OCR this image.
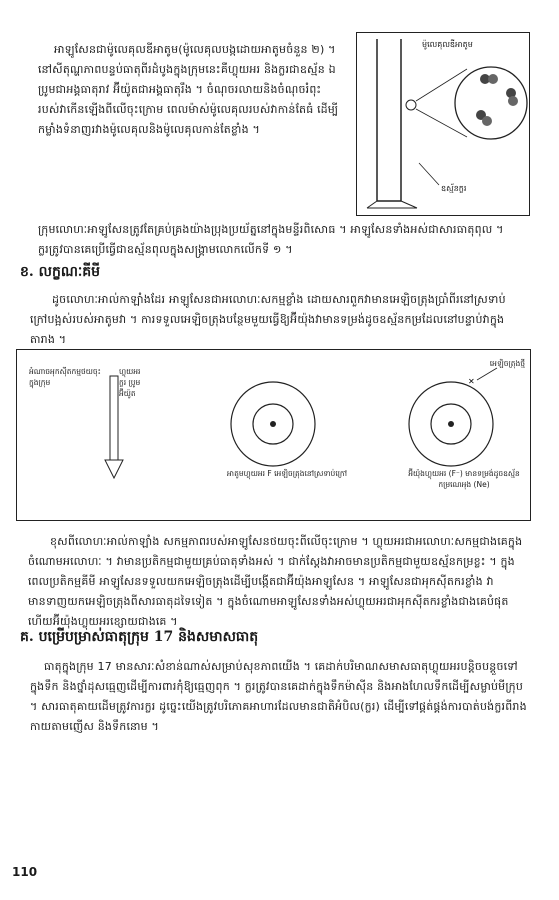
អាឡូសែនជាម៉ូលេគុលឌីអាតូម(ម៉ូលេគុលបង្កដោយអាតូមចំនួន ២) ។ នៅសីតុណ្ហភាពបន្ទប់ធាតុពីរដំបូងក្នុងក្រុមនេះគឺហ្លុយអរ និងក្លរជាឧស្ម័ន ឯប្រូមជាអង្គធាតុរាវ អ៊ីយ៉ូតជាអង្គធាតុរឹង ។ ចំណុចរលាយនិងចំណុចរំពុះរបស់វាកើនឡើងពីលើចុះក្រោម ពេលម៉ាស់ម៉ូលេគុលរបស់វាកាន់តែធំ ដើម្បីកម្លាំងទំនាញរវាងម៉ូលេគុលនិងម៉ូលេគុលកាន់តែខ្លាំង ។

ម៉ូលេគុលឌីអាតូម
ឧស្ម័នក្លរ

ក្រុមលោហៈអាឡូសែនត្រូវតែគ្រប់គ្រងយ៉ាងប្រុងប្រយ័ត្ននៅក្នុងមន្ទីរពិសោធ ។ អាឡូសែនទាំងអស់ជាសារធាតុពុល ។ ក្លរត្រូវបានគេប្រើធ្វើជាឧស្ម័នពុលក្នុងសង្គ្រាមលោកលើកទី ១ ។

ខ. លក្ខណៈគីមី

ដូចលោហៈអាល់កាឡាំងដែរ អាឡូសែនជាអលោហៈសកម្មខ្លាំង ដោយសារពួកវាមានអេឡិចត្រុងប្រាំពីរនៅស្រទាប់ក្រៅបង្អស់របស់អាតូមវា ។ ការទទួលអេឡិចត្រុងបន្ថែមមួយធ្វើឱ្យអ៊ីយ៉ុងវាមានទម្រង់ដូចឧស្ម័នកម្រដែលនៅបន្ទាប់វាក្នុងតារាង ។

✕
អំណាចអុកស៊ីតកម្មថយចុះក្នុងក្រុម
ហ្លុយអរ ក្លរ ប្រូម អ៊ីយ៉ូត
អាតូមហ្លុយអរ F អេឡិចត្រុងនៅស្រទាប់ក្រៅ
អេឡិចត្រុងថ្មី
អ៊ីយ៉ុងហ្លុយអរ (F⁻) មានទម្រង់ដូចឧស្ម័នកម្រណេអុង (Ne)

ខុសពីលោហៈអាល់កាឡាំង សកម្មភាពរបស់អាឡូសែនថយចុះពីលើចុះក្រោម ។ ហ្លុយអរជាអលោហៈសកម្មជាងគេក្នុងចំណោមអលោហៈ ។ វាមានប្រតិកម្មជាមួយគ្រប់ធាតុទាំងអស់ ។ ជាក់ស្តែងវាអាចមានប្រតិកម្មជាមួយឧស្ម័នកម្រខ្លះ ។ ក្នុងពេលប្រតិកម្មគីមី អាឡូសែនទទួលយកអេឡិចត្រុងដើម្បីបង្កើតជាអ៊ីយ៉ុងអាឡូសែន ។ អាឡូសែនជាអុកស៊ីតករខ្លាំង វាមានទាញយកអេឡិចត្រុងពីសារធាតុដទៃទៀត ។ ក្នុងចំណោមអាឡូសែនទាំងអស់ហ្លុយអរជាអុកស៊ីតករខ្លាំងជាងគេបំផុតហើយអ៊ីយ៉ុងហ្លុយអរខ្សោយជាងគេ ។

គ. បម្រើបម្រាស់ធាតុក្រុម 17 និងសមាសធាតុ

ធាតុក្នុងក្រុម 17 មានសារៈសំខាន់ណាស់សម្រាប់សុខភាពយើង ។ គេដាក់បរិមាណសមាសធាតុហ្លុយអរបន្តិចបន្តួចទៅក្នុងទឹក និងថ្នាំដុសធ្មេញដើម្បីការពារកុំឱ្យធ្មេញពុក ។ ក្លរត្រូវបានគេដាក់ក្នុងទឹកម៉ាស៊ីន និងអាងហែលទឹកដើម្បីសម្លាប់មីក្រុប ។ សារធាតុគាយដើមត្រូវការក្លរ ដូច្នេះយើងត្រូវបរិភោគអាហារដែលមានជាតិអំបិល(ក្លរ) ដើម្បីទៅផ្គត់ផ្គង់ការបាត់បង់ក្លរពីរាងកាយតាមញើស និងទឹកនោម ។

110
